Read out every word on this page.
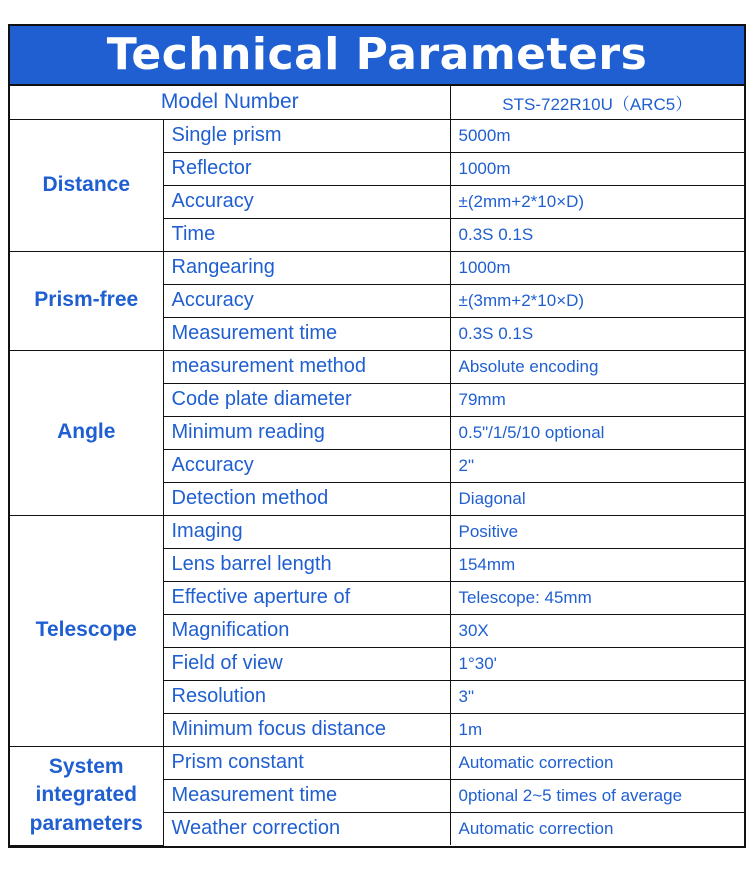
Technical Parameters
Model Number		STS-722R10U（ARC5）
Distance	Single prism	5000m
	Reflector	1000m
	Accuracy	±(2mm+2*10×D)
	Time	0.3S 0.1S
Prism-free	Rangearing	1000m
	Accuracy	±(3mm+2*10×D)
	Measurement time	0.3S 0.1S
Angle	measurement method	Absolute encoding
	Code plate diameter	79mm
	Minimum reading	0.5"/1/5/10 optional
	Accuracy	2"
	Detection method	Diagonal
Telescope	Imaging	Positive
	Lens barrel length	154mm
	Effective aperture of	Telescope: 45mm
	Magnification	30X
	Field of view	1°30'
	Resolution	3"
	Minimum focus distance	1m
System integrated parameters	Prism constant	Automatic correction
	Measurement time	0ptional 2~5 times of average
	Weather correction	Automatic correction
